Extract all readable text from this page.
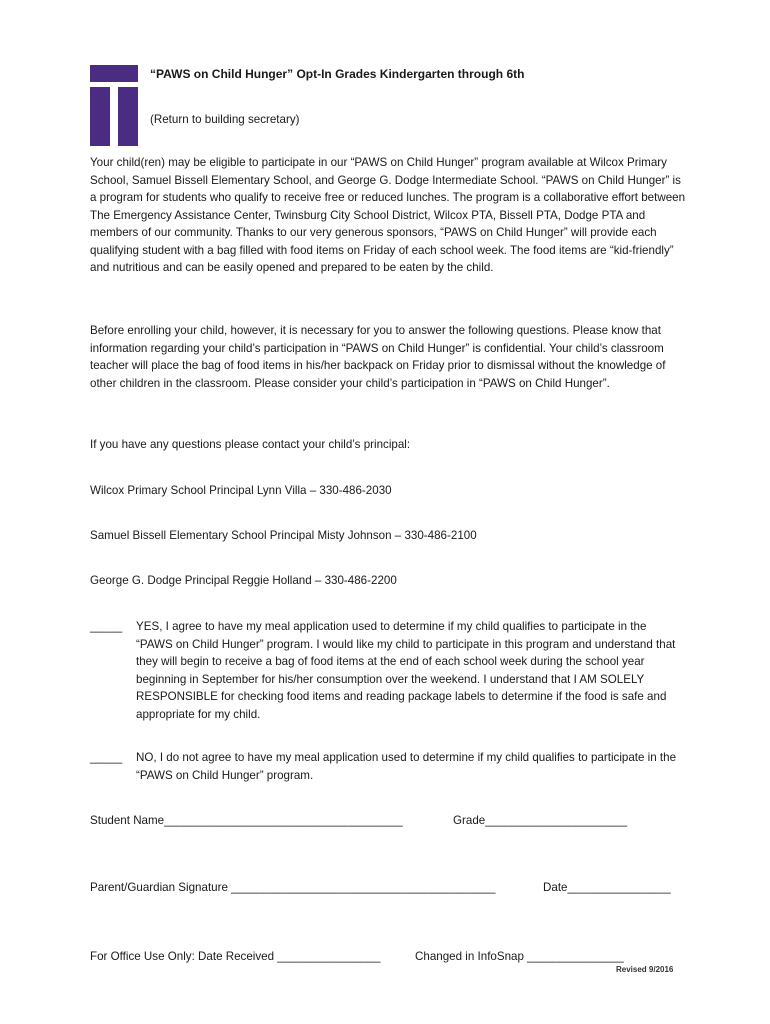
“PAWS on Child Hunger” Opt-In Grades Kindergarten through 6th
(Return to building secretary)
Your child(ren) may be eligible to participate in our “PAWS on Child Hunger” program available at Wilcox Primary School, Samuel Bissell Elementary School, and George G. Dodge Intermediate School. “PAWS on Child Hunger” is a program for students who qualify to receive free or reduced lunches. The program is a collaborative effort between The Emergency Assistance Center, Twinsburg City School District, Wilcox PTA, Bissell PTA, Dodge PTA and members of our community. Thanks to our very generous sponsors, “PAWS on Child Hunger” will provide each qualifying student with a bag filled with food items on Friday of each school week. The food items are “kid-friendly” and nutritious and can be easily opened and prepared to be eaten by the child.
Before enrolling your child, however, it is necessary for you to answer the following questions. Please know that information regarding your child’s participation in “PAWS on Child Hunger” is confidential. Your child’s classroom teacher will place the bag of food items in his/her backpack on Friday prior to dismissal without the knowledge of other children in the classroom. Please consider your child’s participation in “PAWS on Child Hunger”.
If you have any questions please contact your child’s principal:
Wilcox Primary School Principal Lynn Villa – 330-486-2030
Samuel Bissell Elementary School Principal Misty Johnson – 330-486-2100
George G. Dodge Principal Reggie Holland – 330-486-2200
_____ YES, I agree to have my meal application used to determine if my child qualifies to participate in the “PAWS on Child Hunger” program. I would like my child to participate in this program and understand that they will begin to receive a bag of food items at the end of each school week during the school year beginning in September for his/her consumption over the weekend. I understand that I AM SOLELY RESPONSIBLE for checking food items and reading package labels to determine if the food is safe and appropriate for my child.
_____ NO, I do not agree to have my meal application used to determine if my child qualifies to participate in the “PAWS on Child Hunger” program.
Student Name_____________________________________	Grade______________________
Parent/Guardian Signature _________________________________________	Date________________
For Office Use Only: Date Received ________________	Changed in InfoSnap _______________
Revised 9/2016
